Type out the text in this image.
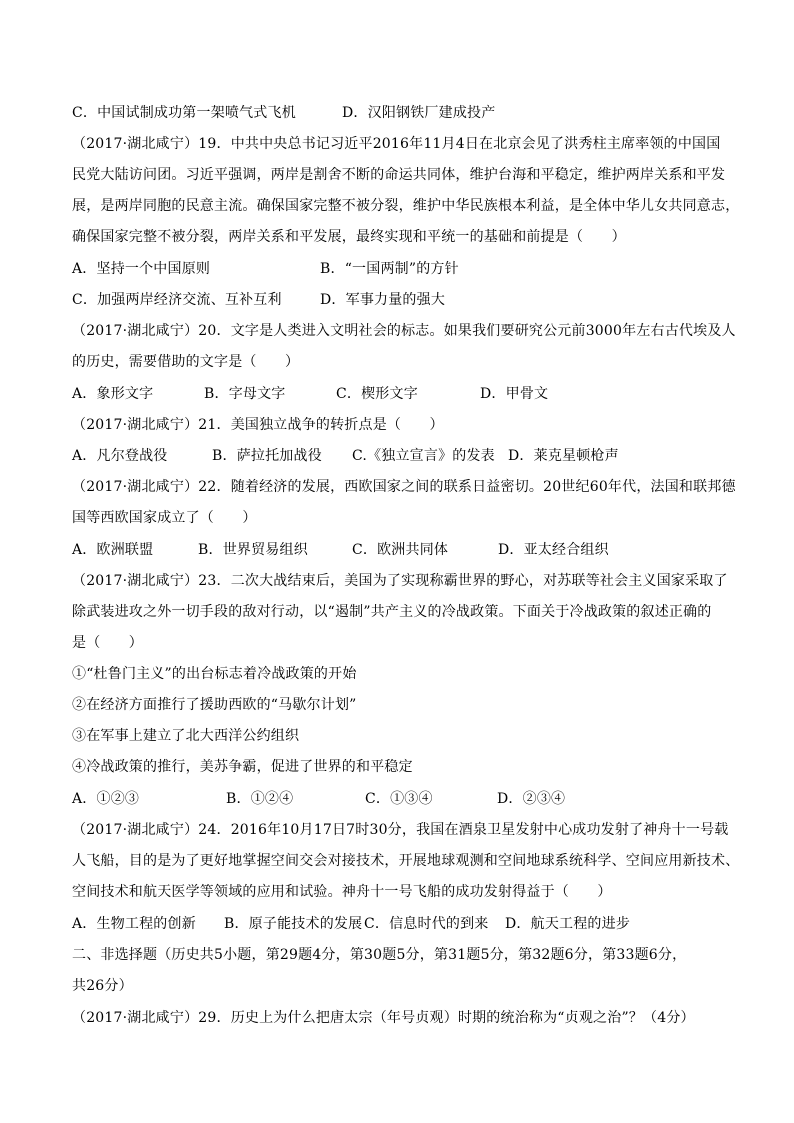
C．中国试制成功第一架喷气式飞机	D．汉阳钢铁厂建成投产
（2017·湖北咸宁）19．中共中央总书记习近平2016年11月4日在北京会见了洪秀柱主席率领的中国国
民党大陆访问团。习近平强调，两岸是割舍不断的命运共同体，维护台海和平稳定，维护两岸关系和平发
展，是两岸同胞的民意主流。确保国家完整不被分裂，维护中华民族根本利益，是全体中华儿女共同意志，
确保国家完整不被分裂，两岸关系和平发展，最终实现和平统一的基础和前提是（　　）
A．坚持一个中国原则	B．“一国两制”的方针
C．加强两岸经济交流、互补互利	D．军事力量的强大
（2017·湖北咸宁）20．文字是人类进入文明社会的标志。如果我们要研究公元前3000年左右古代埃及人
的历史，需要借助的文字是（　　）
A．象形文字	B．字母文字	C．楔形文字	D．甲骨文
（2017·湖北咸宁）21．美国独立战争的转折点是（　　）
A．凡尔登战役	B．萨拉托加战役 C.《独立宣言》的发表 D．莱克星顿枪声
（2017·湖北咸宁）22．随着经济的发展，西欧国家之间的联系日益密切。20世纪60年代，法国和联邦德
国等西欧国家成立了（　　）
A．欧洲联盟	B．世界贸易组织	C．欧洲共同体	D．亚太经合组织
（2017·湖北咸宁）23．二次大战结束后，美国为了实现称霸世界的野心，对苏联等社会主义国家采取了
除武装进攻之外一切手段的敌对行动，以“遏制”共产主义的冷战政策。下面关于冷战政策的叙述正确的
是（　　）
①“杜鲁门主义”的出台标志着冷战政策的开始
②在经济方面推行了援助西欧的“马歇尔计划”
③在军事上建立了北大西洋公约组织
④冷战政策的推行，美苏争霸，促进了世界的和平稳定
A．①②③	B．①②④	C．①③④	D．②③④
（2017·湖北咸宁）24．2016年10月17日7时30分，我国在酒泉卫星发射中心成功发射了神舟十一号载
人飞船，目的是为了更好地掌握空间交会对接技术，开展地球观测和空间地球系统科学、空间应用新技术、
空间技术和航天医学等领域的应用和试验。神舟十一号飞船的成功发射得益于（　　）
A．生物工程的创新 B．原子能技术的发展 C．信息时代的到来 D．航天工程的进步
二、非选择题（历史共5小题，第29题4分，第30题5分，第31题5分，第32题6分，第33题6分，
共26分）
（2017·湖北咸宁）29．历史上为什么把唐太宗（年号贞观）时期的统治称为“贞观之治”？（4分）
